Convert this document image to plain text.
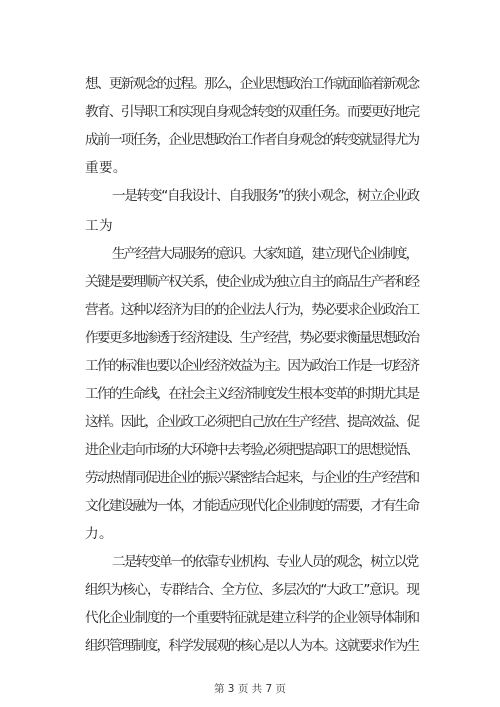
想、更新观念的过程。那么，企业思想政治工作就面临着新观念
教育、引导职工和实现自身观念转变的双重任务。而要更好地完
成前一项任务，企业思想政治工作者自身观念的转变就显得尤为
重要。
一是转变“自我设计、自我服务”的狭小观念，树立企业政
工为
生产经营大局服务的意识。大家知道，建立现代企业制度，
关键是要理顺产权关系，使企业成为独立自主的商品生产者和经
营者。这种以经济为目的的企业法人行为，势必要求企业政治工
作要更多地渗透于经济建设、生产经营，势必要求衡量思想政治
工作的标准也要以企业经济效益为主。因为政治工作是一切经济
工作的生命线，在社会主义经济制度发生根本变革的时期尤其是
这样。因此，企业政工必须把自己放在生产经营、提高效益、促
进企业走向市场的大环境中去考验,必须把提高职工的思想觉悟、
劳动热情同促进企业的振兴紧密结合起来，与企业的生产经营和
文化建设融为一体，才能适应现代化企业制度的需要，才有生命
力。
二是转变单一的依靠专业机构、专业人员的观念，树立以党
组织为核心，专群结合、全方位、多层次的“大政工”意识。现
代化企业制度的一个重要特征就是建立科学的企业领导体制和
组织管理制度，科学发展观的核心是以人为本。这就要求作为生
第 3 页 共 7 页
